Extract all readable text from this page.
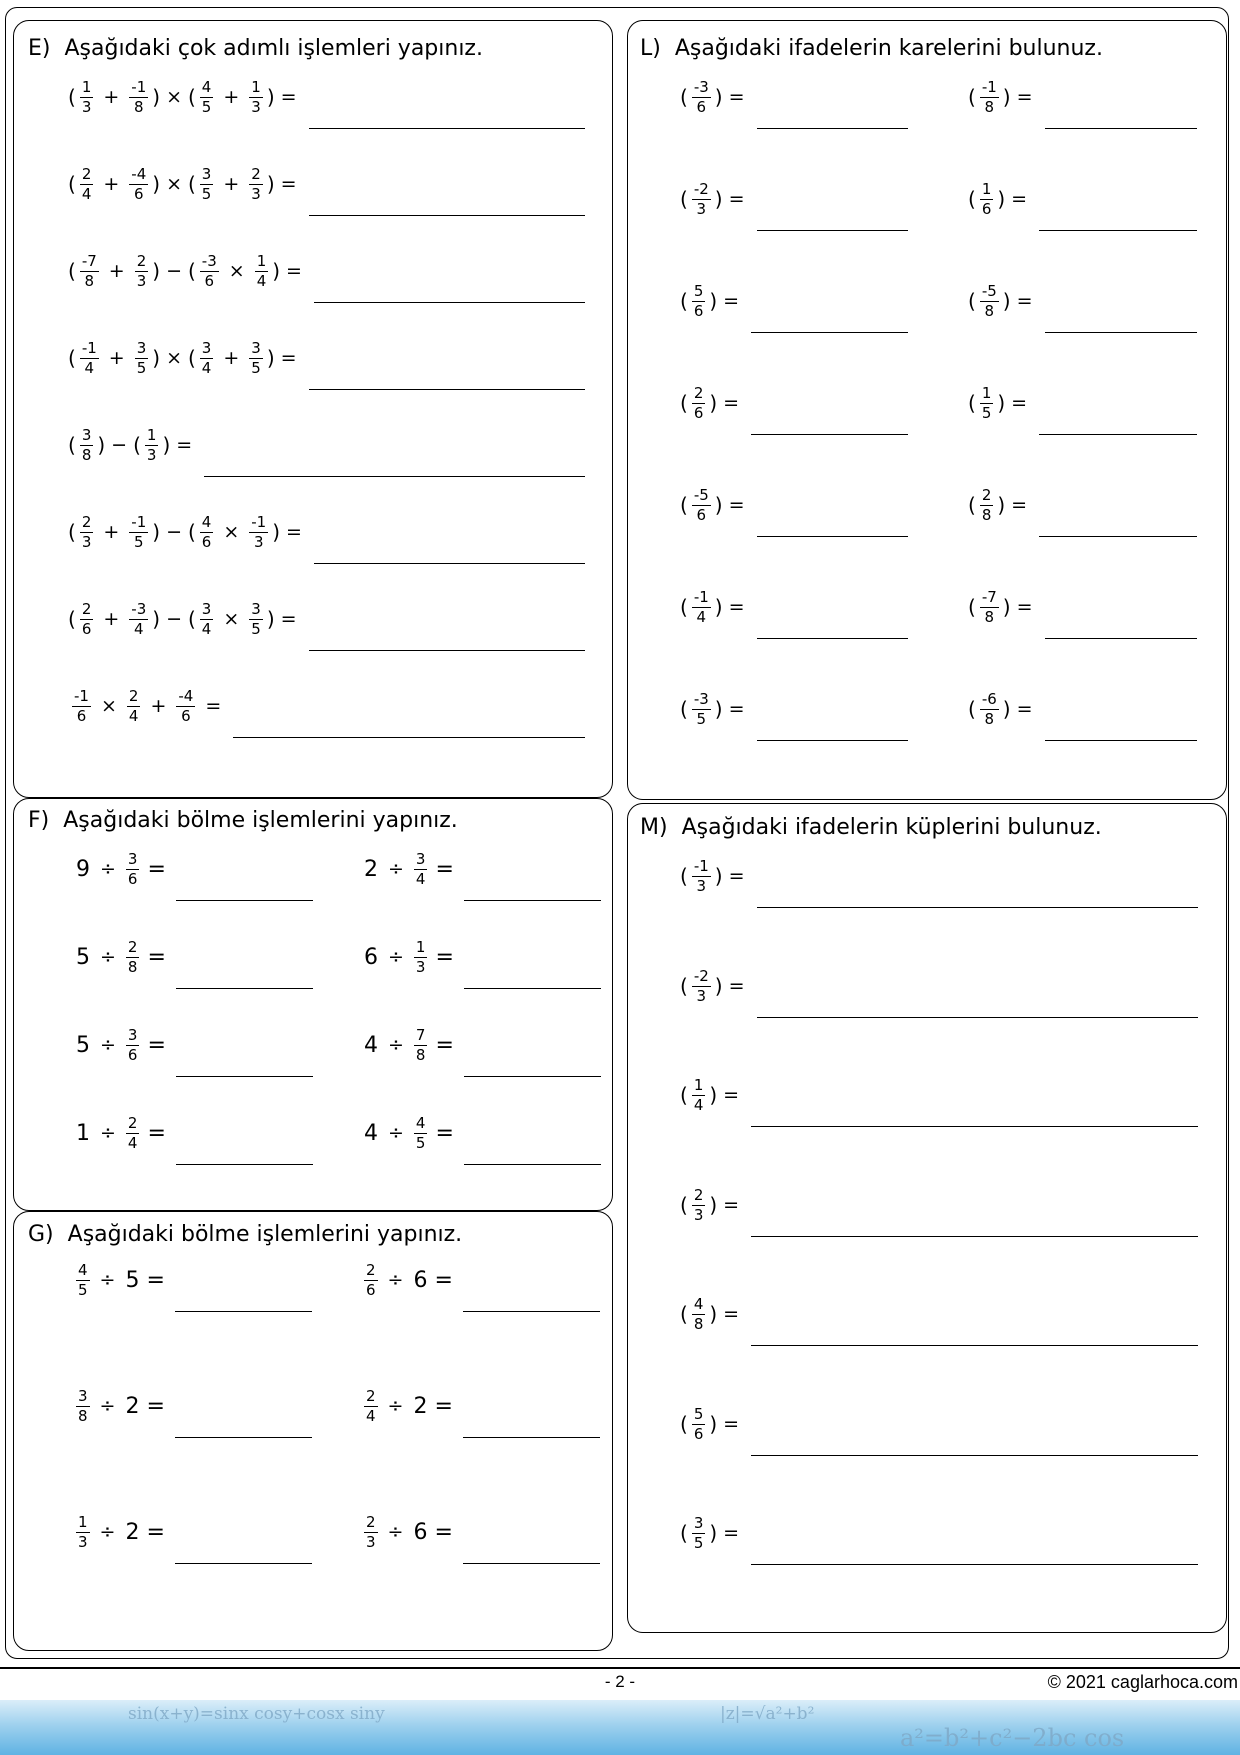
E) Aşağıdaki çok adımlı işlemleri yapınız.
F) Aşağıdaki bölme işlemlerini yapınız.
G) Aşağıdaki bölme işlemlerini yapınız.
L) Aşağıdaki ifadelerin karelerini bulunuz.
M) Aşağıdaki ifadelerin küplerini bulunuz.
( $\frac{1}{3} + \frac{-1}{8}$ ) × ( $\frac{4}{5} + \frac{1}{3}$ ) =
( $\frac{2}{4} + \frac{-4}{6}$ ) × ( $\frac{3}{5} + \frac{2}{3}$ ) =
( $\frac{-7}{8} + \frac{2}{3}$ ) − ( $\frac{-3}{6} \times \frac{1}{4}$ ) =
( $\frac{-1}{4} + \frac{3}{5}$ ) × ( $\frac{3}{4} + \frac{3}{5}$ ) =
( $\frac{3}{8}$ ) − ( $\frac{1}{3}$ ) =
( $\frac{2}{3} + \frac{-1}{5}$ ) − ( $\frac{4}{6} \times \frac{-1}{3}$ ) =
( $\frac{2}{6} + \frac{-3}{4}$ ) − ( $\frac{3}{4} \times \frac{3}{5}$ ) =
$\frac{-1}{6} \times \frac{2}{4} + \frac{-4}{6}$ =
$9 \div \frac{3}{6}$ =	$2 \div \frac{3}{4}$ =
$5 \div \frac{2}{8}$ =	$6 \div \frac{1}{3}$ =
$5 \div \frac{3}{6}$ =	$4 \div \frac{7}{8}$ =
$1 \div \frac{2}{4}$ =	$4 \div \frac{4}{5}$ =
$\frac{4}{5} \div 5$ =	$\frac{2}{6} \div 6$ =
$\frac{3}{8} \div 2$ =	$\frac{2}{4} \div 2$ =
$\frac{1}{3} \div 2$ =	$\frac{2}{3} \div 6$ =
( $\frac{-3}{6}$ ) =	( $\frac{-1}{8}$ ) =
( $\frac{-2}{3}$ ) =	( $\frac{1}{6}$ ) =
( $\frac{5}{6}$ ) =	( $\frac{-5}{8}$ ) =
( $\frac{2}{6}$ ) =	( $\frac{1}{5}$ ) =
( $\frac{-5}{6}$ ) =	( $\frac{2}{8}$ ) =
( $\frac{-1}{4}$ ) =	( $\frac{-7}{8}$ ) =
( $\frac{-3}{5}$ ) =	( $\frac{-6}{8}$ ) =
( $\frac{-1}{3}$ ) =
( $\frac{-2}{3}$ ) =
( $\frac{1}{4}$ ) =
( $\frac{2}{3}$ ) =
( $\frac{4}{8}$ ) =
( $\frac{5}{6}$ ) =
( $\frac{3}{5}$ ) =
- 2 -	© 2021 caglarhoca.com
sin(x+y)=sinx cosy+cosx siny	|z|=√a²+b²
a²=b²+c²−2bc cos
